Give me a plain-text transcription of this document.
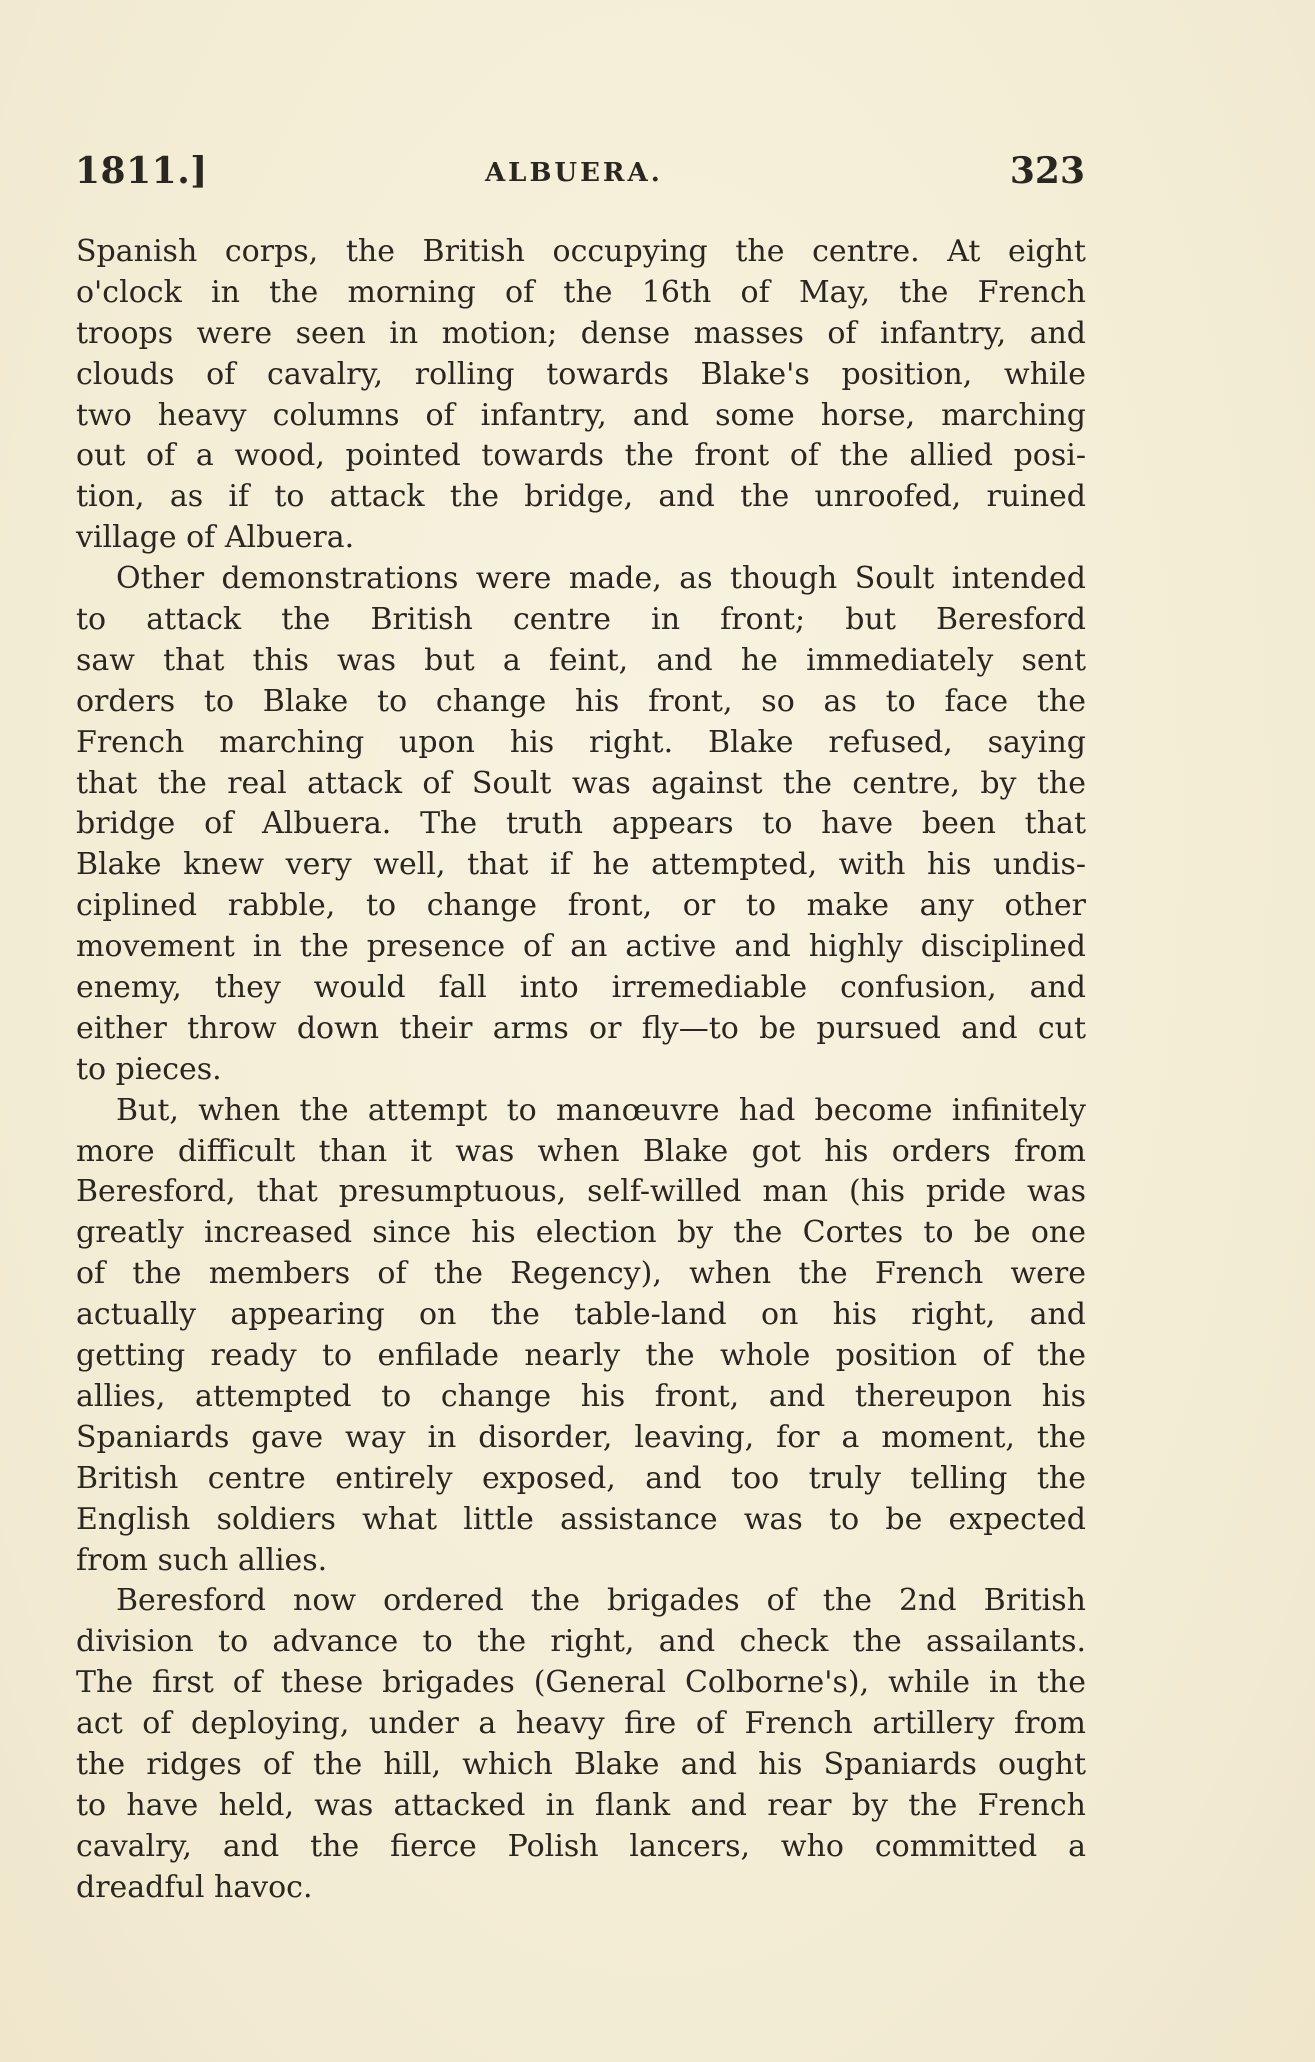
1811.]	ALBUERA.	323
Spanish corps, the British occupying the centre. At eight
o'clock in the morning of the 16th of May, the French
troops were seen in motion; dense masses of infantry, and
clouds of cavalry, rolling towards Blake's position, while
two heavy columns of infantry, and some horse, marching
out of a wood, pointed towards the front of the allied posi-
tion, as if to attack the bridge, and the unroofed, ruined
village of Albuera.
Other demonstrations were made, as though Soult intended
to attack the British centre in front; but Beresford
saw that this was but a feint, and he immediately sent
orders to Blake to change his front, so as to face the
French marching upon his right. Blake refused, saying
that the real attack of Soult was against the centre, by the
bridge of Albuera. The truth appears to have been that
Blake knew very well, that if he attempted, with his undis-
ciplined rabble, to change front, or to make any other
movement in the presence of an active and highly disciplined
enemy, they would fall into irremediable confusion, and
either throw down their arms or fly—to be pursued and cut
to pieces.
But, when the attempt to manœuvre had become infinitely
more difficult than it was when Blake got his orders from
Beresford, that presumptuous, self-willed man (his pride was
greatly increased since his election by the Cortes to be one
of the members of the Regency), when the French were
actually appearing on the table-land on his right, and
getting ready to enfilade nearly the whole position of the
allies, attempted to change his front, and thereupon his
Spaniards gave way in disorder, leaving, for a moment, the
British centre entirely exposed, and too truly telling the
English soldiers what little assistance was to be expected
from such allies.
Beresford now ordered the brigades of the 2nd British
division to advance to the right, and check the assailants.
The first of these brigades (General Colborne's), while in the
act of deploying, under a heavy fire of French artillery from
the ridges of the hill, which Blake and his Spaniards ought
to have held, was attacked in flank and rear by the French
cavalry, and the fierce Polish lancers, who committed a
dreadful havoc.
